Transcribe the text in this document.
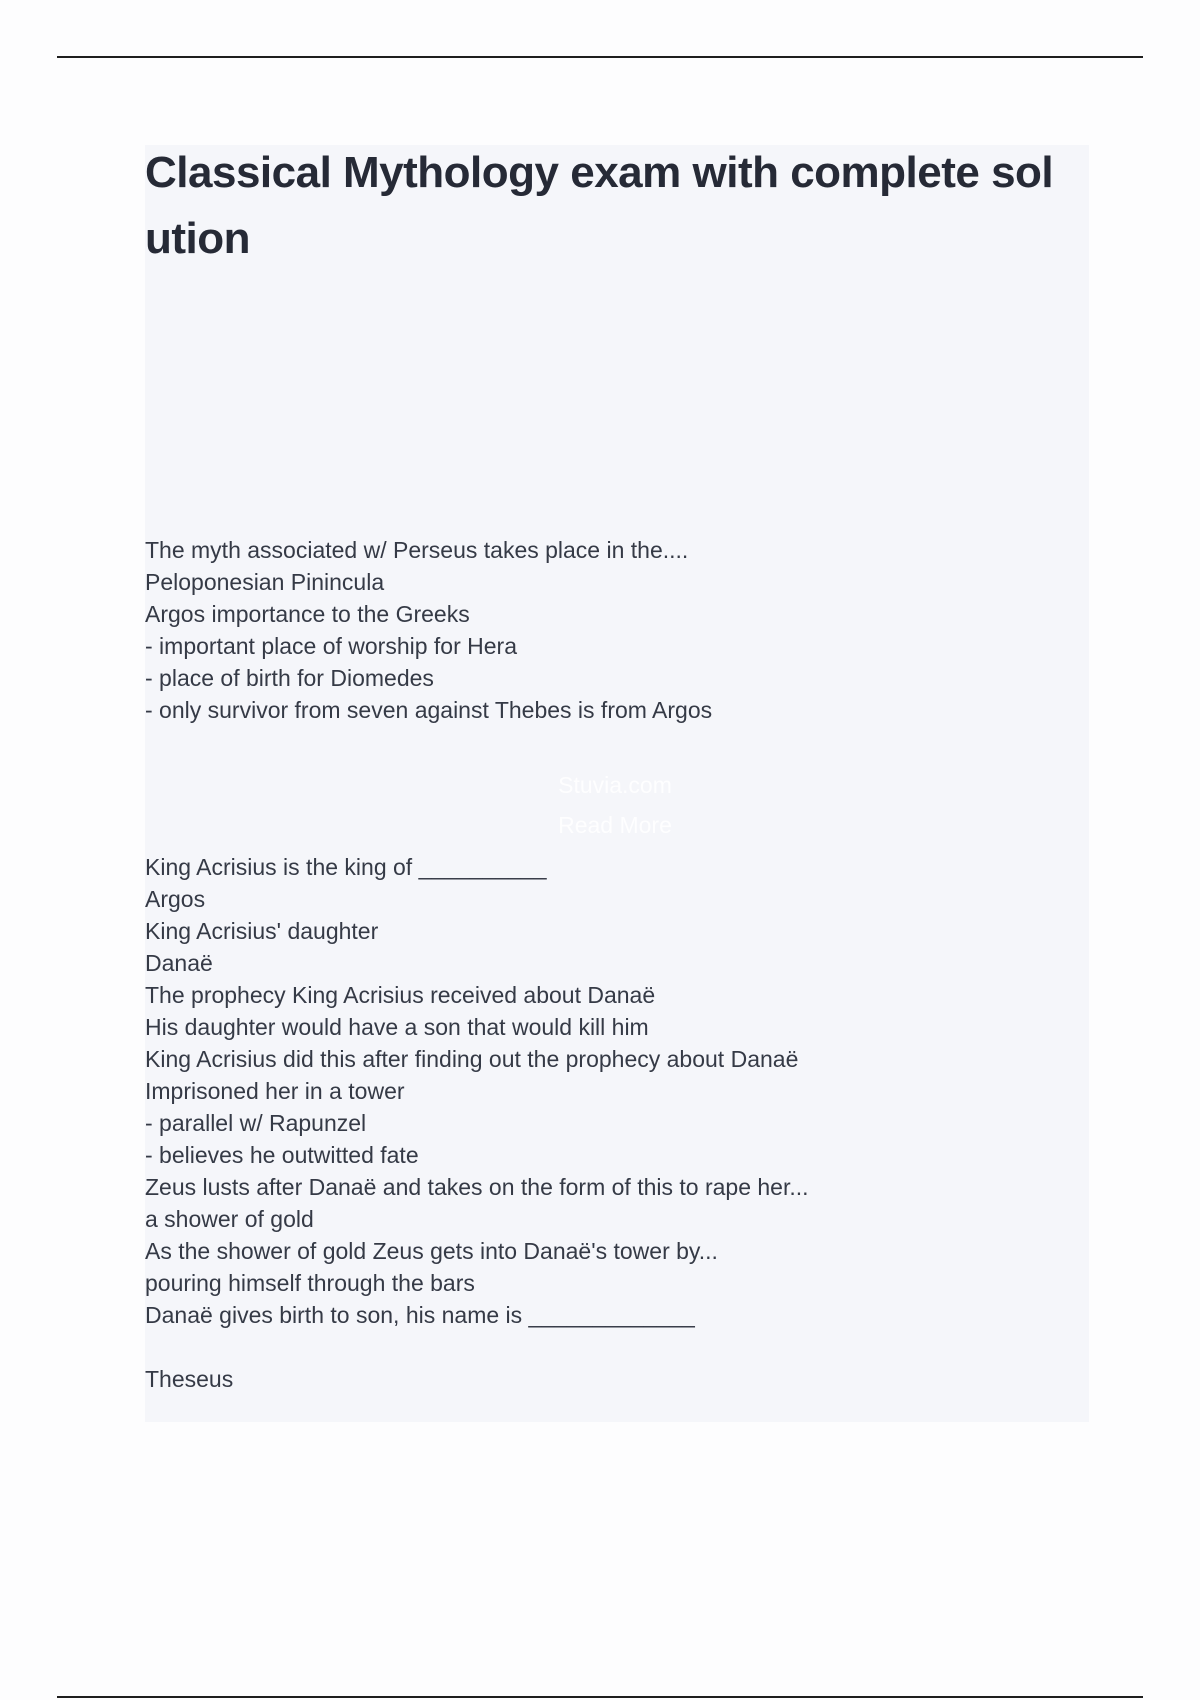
Classical Mythology exam with complete solution
The myth associated w/ Perseus takes place in the....
Peloponesian Pinincula
Argos importance to the Greeks
- important place of worship for Hera
- place of birth for Diomedes
- only survivor from seven against Thebes is from Argos
Stuvia.com
Read More
King Acrisius is the king of __________
Argos
King Acrisius' daughter
Danaë
The prophecy King Acrisius received about Danaë
His daughter would have a son that would kill him
King Acrisius did this after finding out the prophecy about Danaë
Imprisoned her in a tower
- parallel w/ Rapunzel
- believes he outwitted fate
Zeus lusts after Danaë and takes on the form of this to rape her...
a shower of gold
As the shower of gold Zeus gets into Danaë's tower by...
pouring himself through the bars
Danaë gives birth to son, his name is _____________
Theseus
